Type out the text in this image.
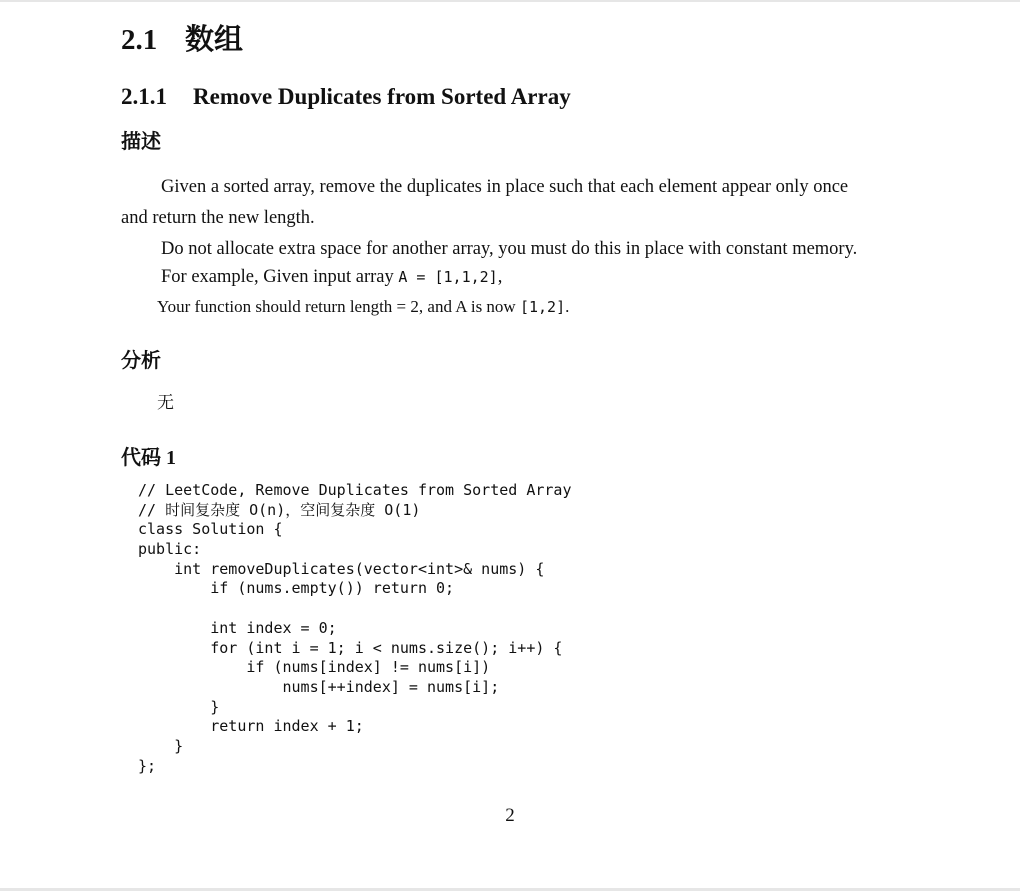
2.1 数组
2.1.1 Remove Duplicates from Sorted Array
描述
Given a sorted array, remove the duplicates in place such that each element appear only once
and return the new length.
Do not allocate extra space for another array, you must do this in place with constant memory.
For example, Given input array A = [1,1,2],
Your function should return length = 2, and A is now [1,2].
分析
无
代码 1
// LeetCode, Remove Duplicates from Sorted Array
// 时间复杂度 O(n)，空间复杂度 O(1)
class Solution {
public:
int removeDuplicates(vector<int>& nums) {
if (nums.empty()) return 0;
int index = 0;
for (int i = 1; i < nums.size(); i++) {
if (nums[index] != nums[i])
nums[++index] = nums[i];
}
return index + 1;
}
};
2
